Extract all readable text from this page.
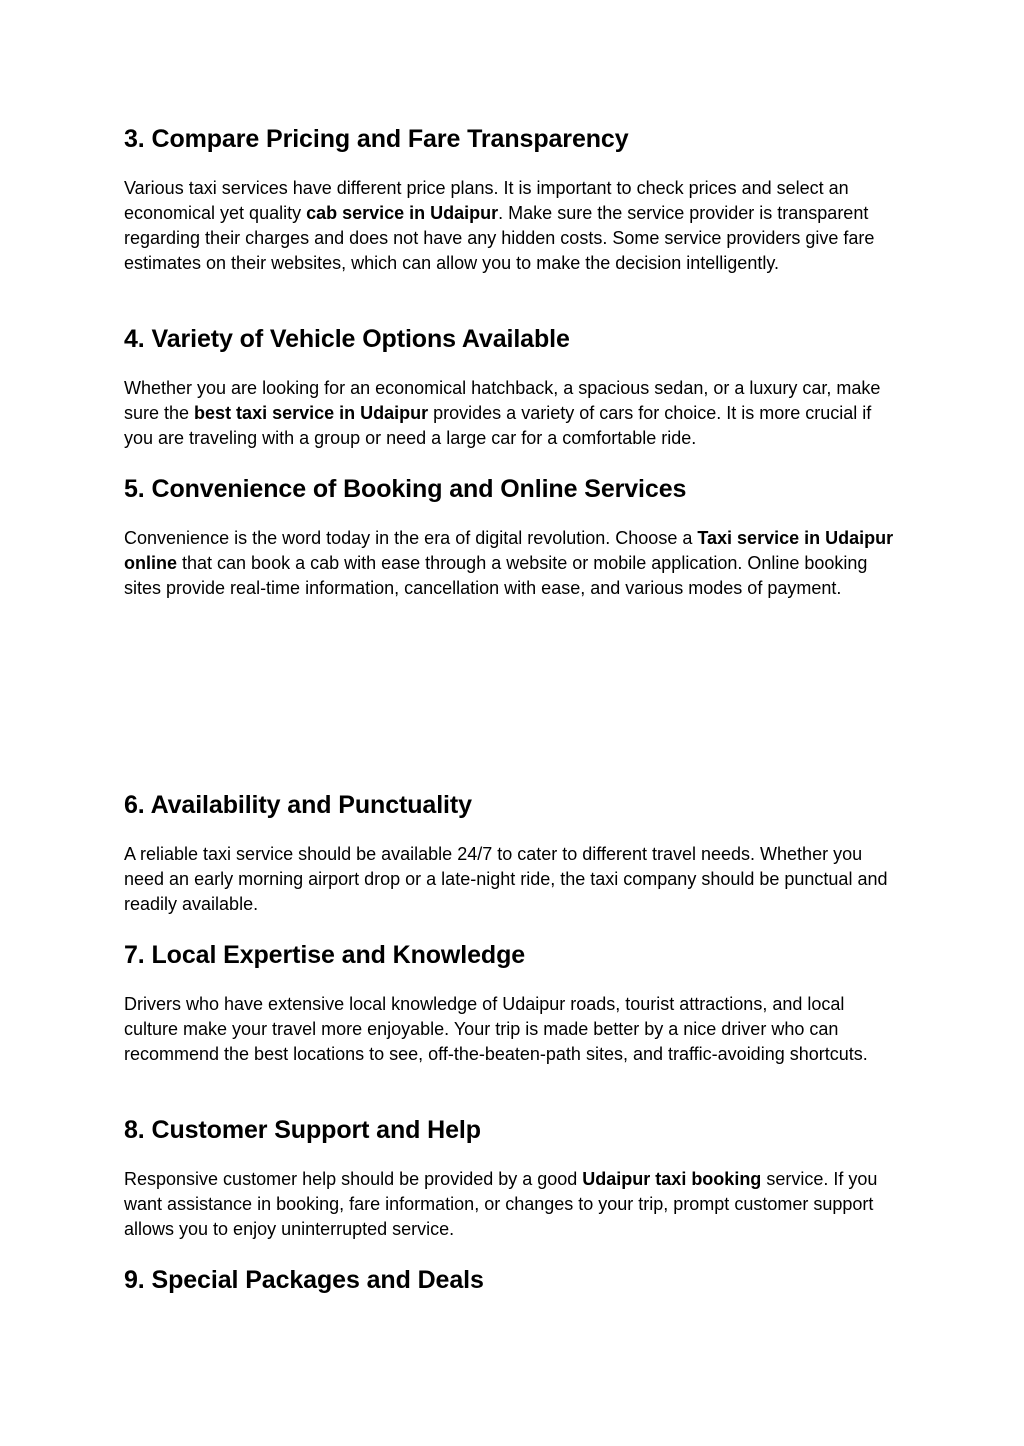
3. Compare Pricing and Fare Transparency

Various taxi services have different price plans. It is important to check prices and select an economical yet quality cab service in Udaipur. Make sure the service provider is transparent regarding their charges and does not have any hidden costs. Some service providers give fare estimates on their websites, which can allow you to make the decision intelligently.

4. Variety of Vehicle Options Available

Whether you are looking for an economical hatchback, a spacious sedan, or a luxury car, make sure the best taxi service in Udaipur provides a variety of cars for choice. It is more crucial if you are traveling with a group or need a large car for a comfortable ride.

5. Convenience of Booking and Online Services

Convenience is the word today in the era of digital revolution. Choose a Taxi service in Udaipur online that can book a cab with ease through a website or mobile application. Online booking sites provide real-time information, cancellation with ease, and various modes of payment.

6. Availability and Punctuality

A reliable taxi service should be available 24/7 to cater to different travel needs. Whether you need an early morning airport drop or a late-night ride, the taxi company should be punctual and readily available.

7. Local Expertise and Knowledge

Drivers who have extensive local knowledge of Udaipur roads, tourist attractions, and local culture make your travel more enjoyable. Your trip is made better by a nice driver who can recommend the best locations to see, off-the-beaten-path sites, and traffic-avoiding shortcuts.

8. Customer Support and Help

Responsive customer help should be provided by a good Udaipur taxi booking service. If you want assistance in booking, fare information, or changes to your trip, prompt customer support allows you to enjoy uninterrupted service.

9. Special Packages and Deals
